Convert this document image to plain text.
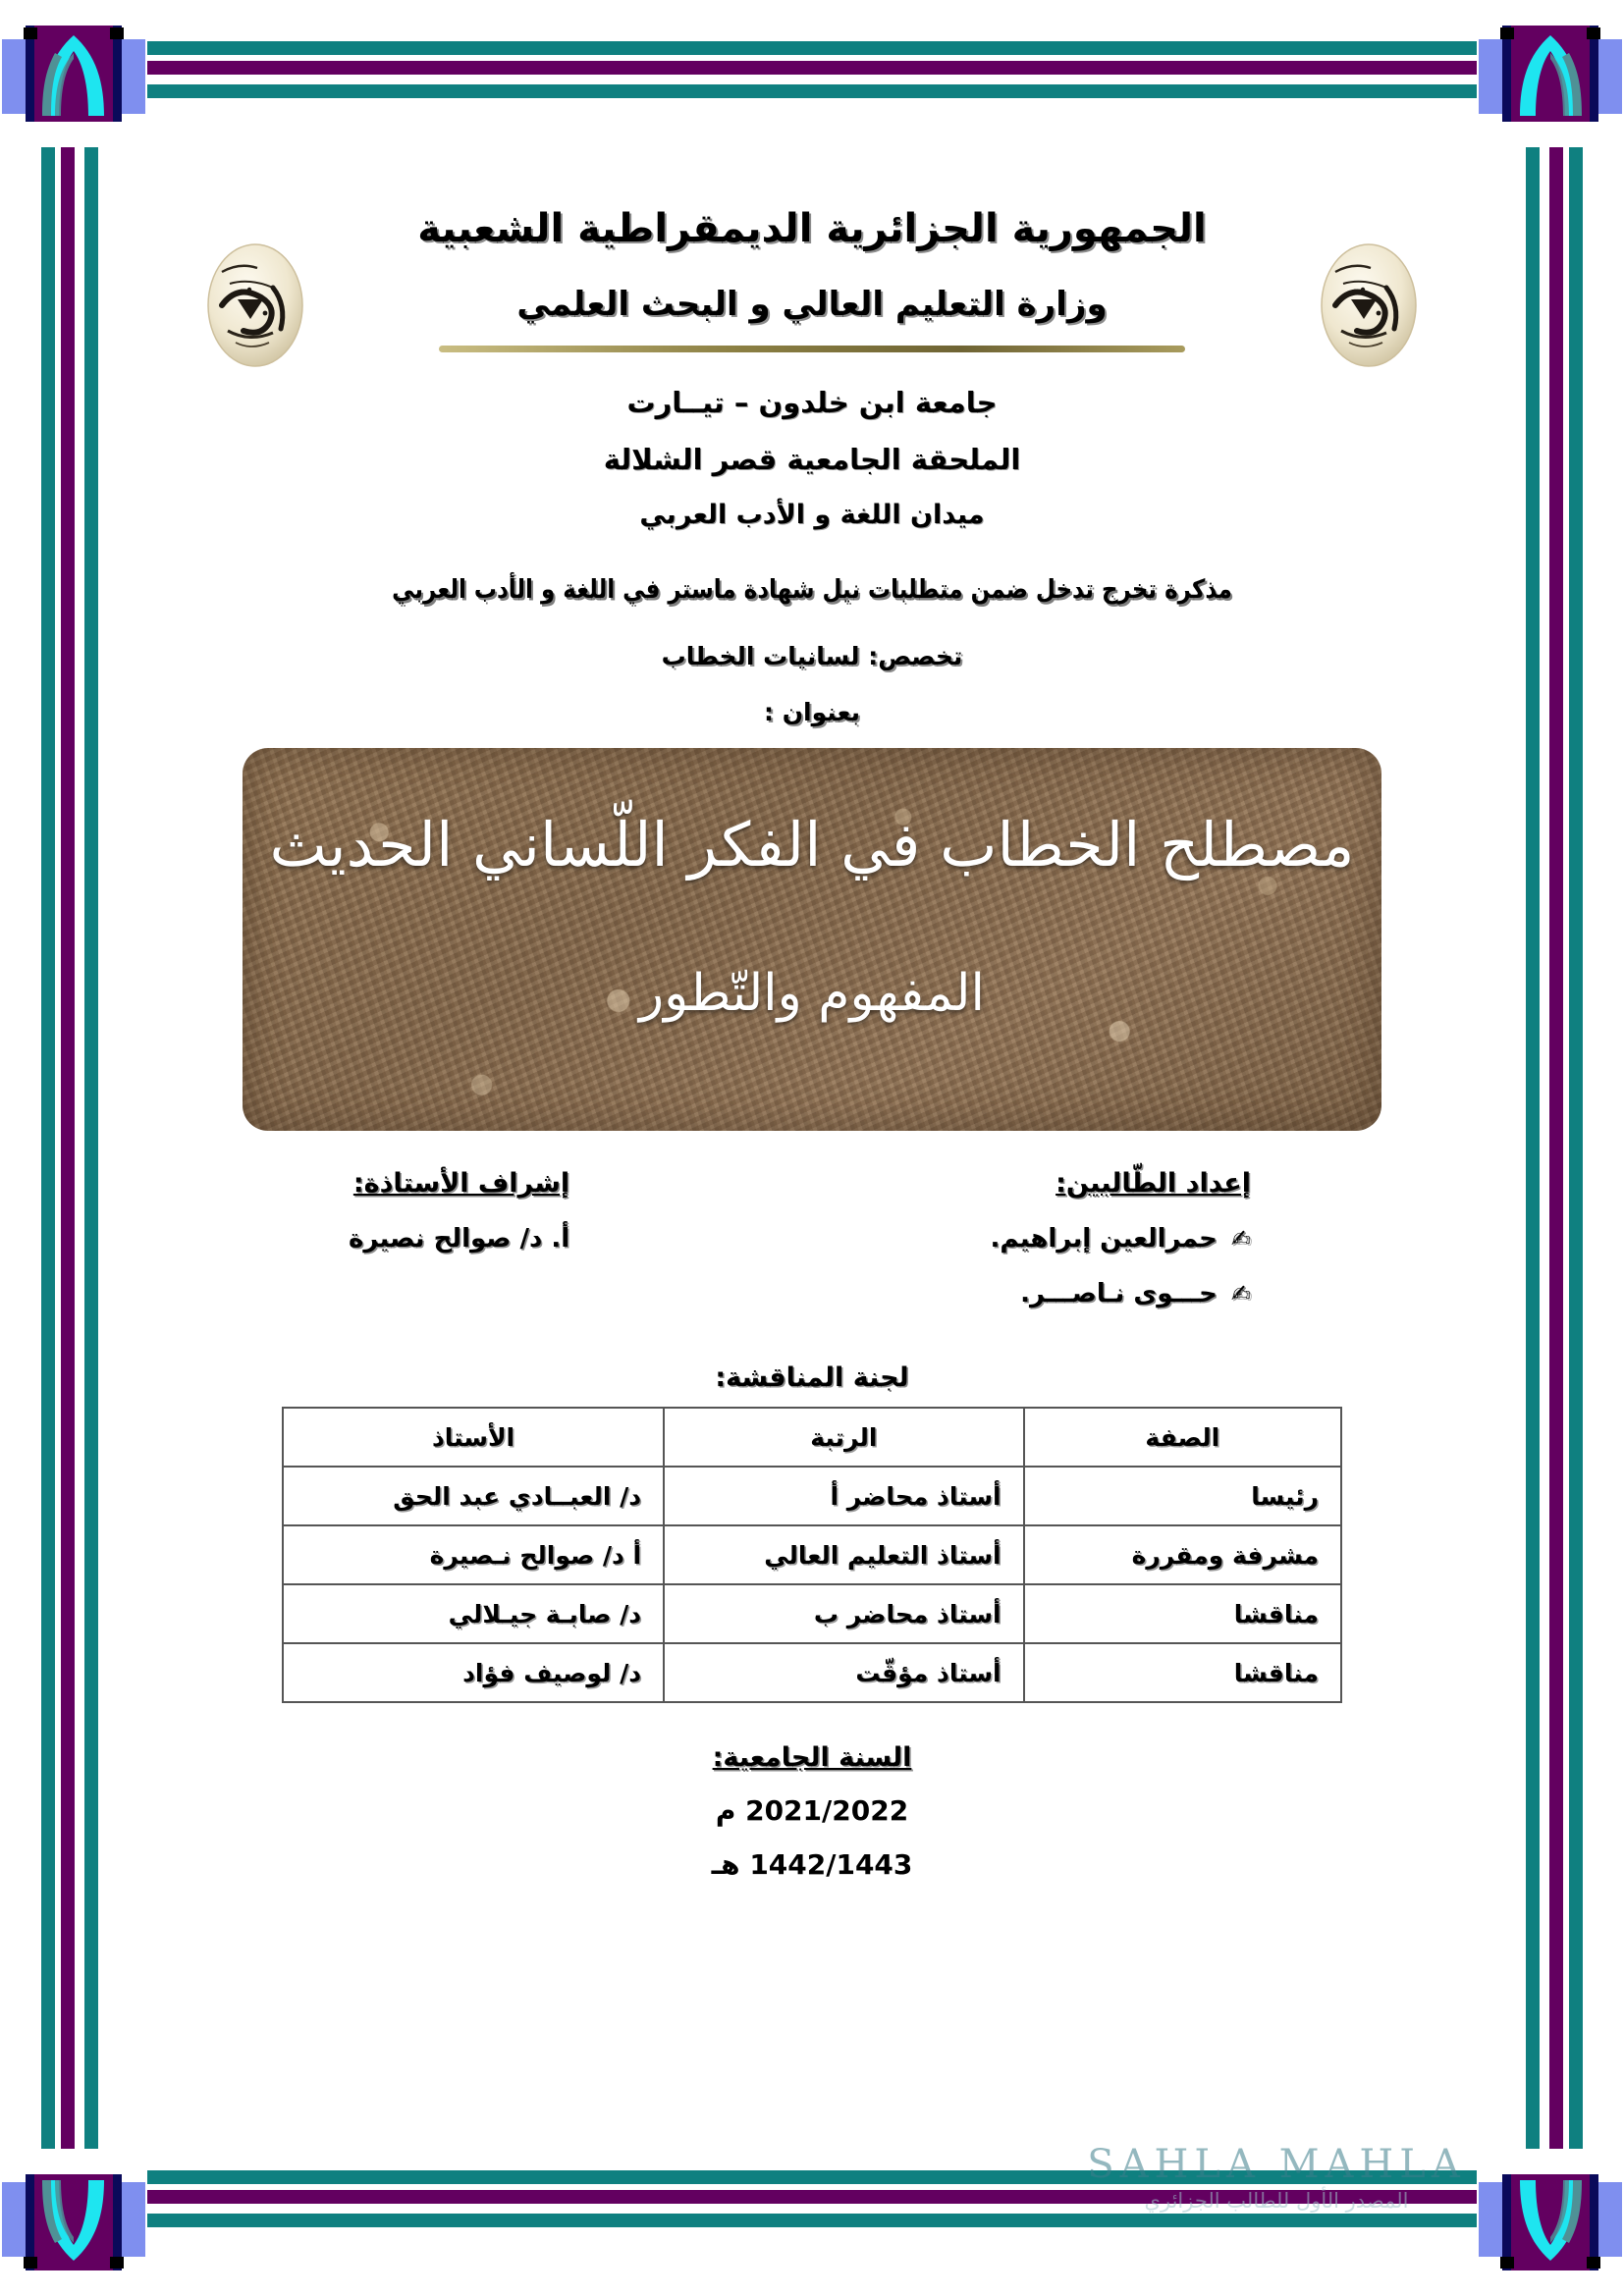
الجمهورية الجزائرية الديمقراطية الشعبية
وزارة التعليم العالي و البحث العلمي
جامعة ابن خلدون – تيــارت
الملحقة الجامعية قصر الشلالة
ميدان اللغة و الأدب العربي
مذكرة تخرج تدخل ضمن متطلبات نيل شهادة ماستر في اللغة و الأدب العربي
تخصص: لسانيات الخطاب
بعنوان :
مصطلح الخطاب في الفكر اللّساني الحديث
المفهوم والتّطور
إعداد الطّالبين:
✍حمرالعين إبراهيم.
✍حـــوى نـاصـــر.
إشراف الأستاذة:
أ. د/ صوالح نصيرة
لجنة المناقشة:
الصفة	الرتبة	الأستاذ
رئيسا	أستاذ محاضر أ	د/ العبــادي عبد الحق
مشرفة ومقررة	أستاذ التعليم العالي	أ د/ صوالح نـصيرة
مناقشا	أستاذ محاضر ب	د/ صابـة جيـلالي
مناقشا	أستاذ مؤقّت	د/ لوصيف فؤاد
السنة الجامعية:
2021/2022 م
1442/1443 هـ
SAHLA MAHLA
المصدر الأول للطالب الجزائري
